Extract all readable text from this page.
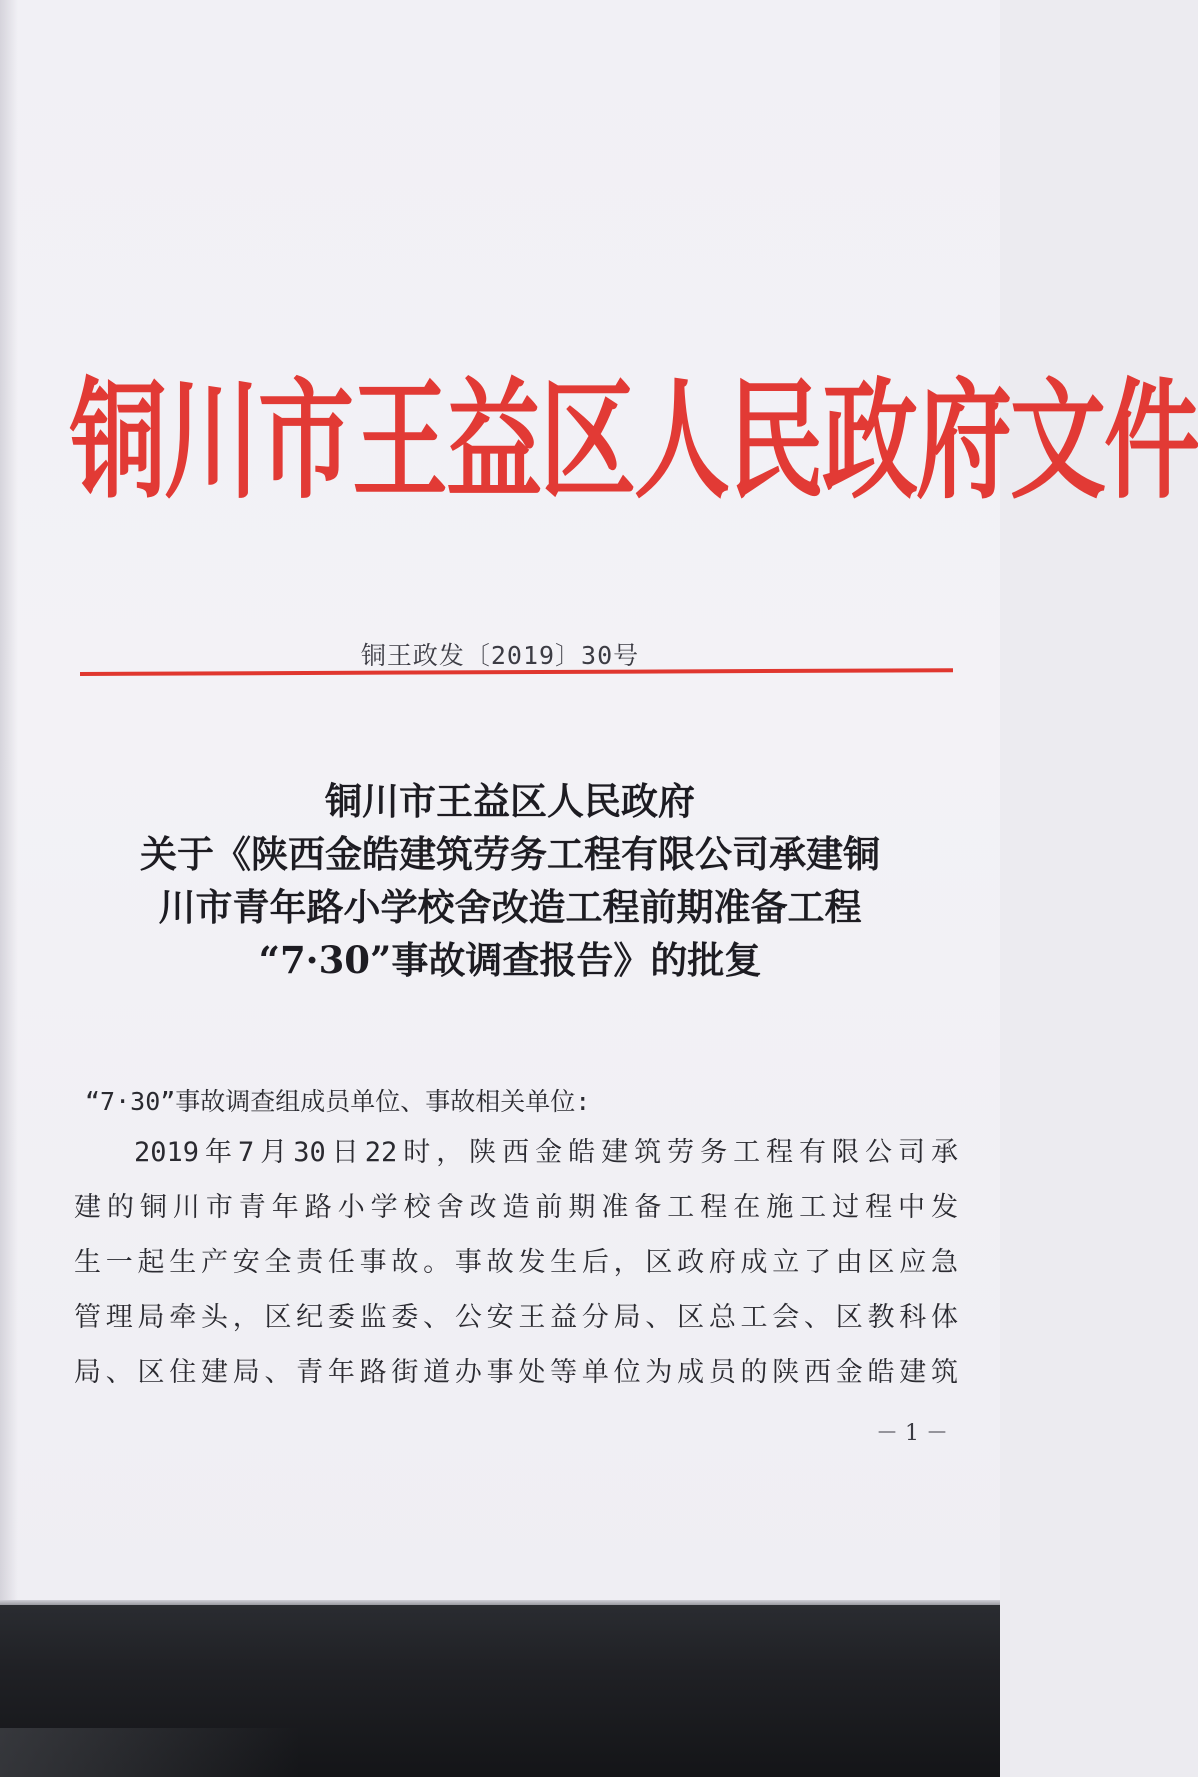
铜川市王益区人民政府文件
铜王政发〔2019〕30号
铜川市王益区人民政府
关于《陕西金皓建筑劳务工程有限公司承建铜
川市青年路小学校舍改造工程前期准备工程
“7·30”事故调查报告》的批复
“7·30”事故调查组成员单位、事故相关单位:
2019年7月30日22时，陕西金皓建筑劳务工程有限公司承
建的铜川市青年路小学校舍改造前期准备工程在施工过程中发
生一起生产安全责任事故。事故发生后，区政府成立了由区应急
管理局牵头，区纪委监委、公安王益分局、区总工会、区教科体
局、区住建局、青年路街道办事处等单位为成员的陕西金皓建筑
－ 1 －
